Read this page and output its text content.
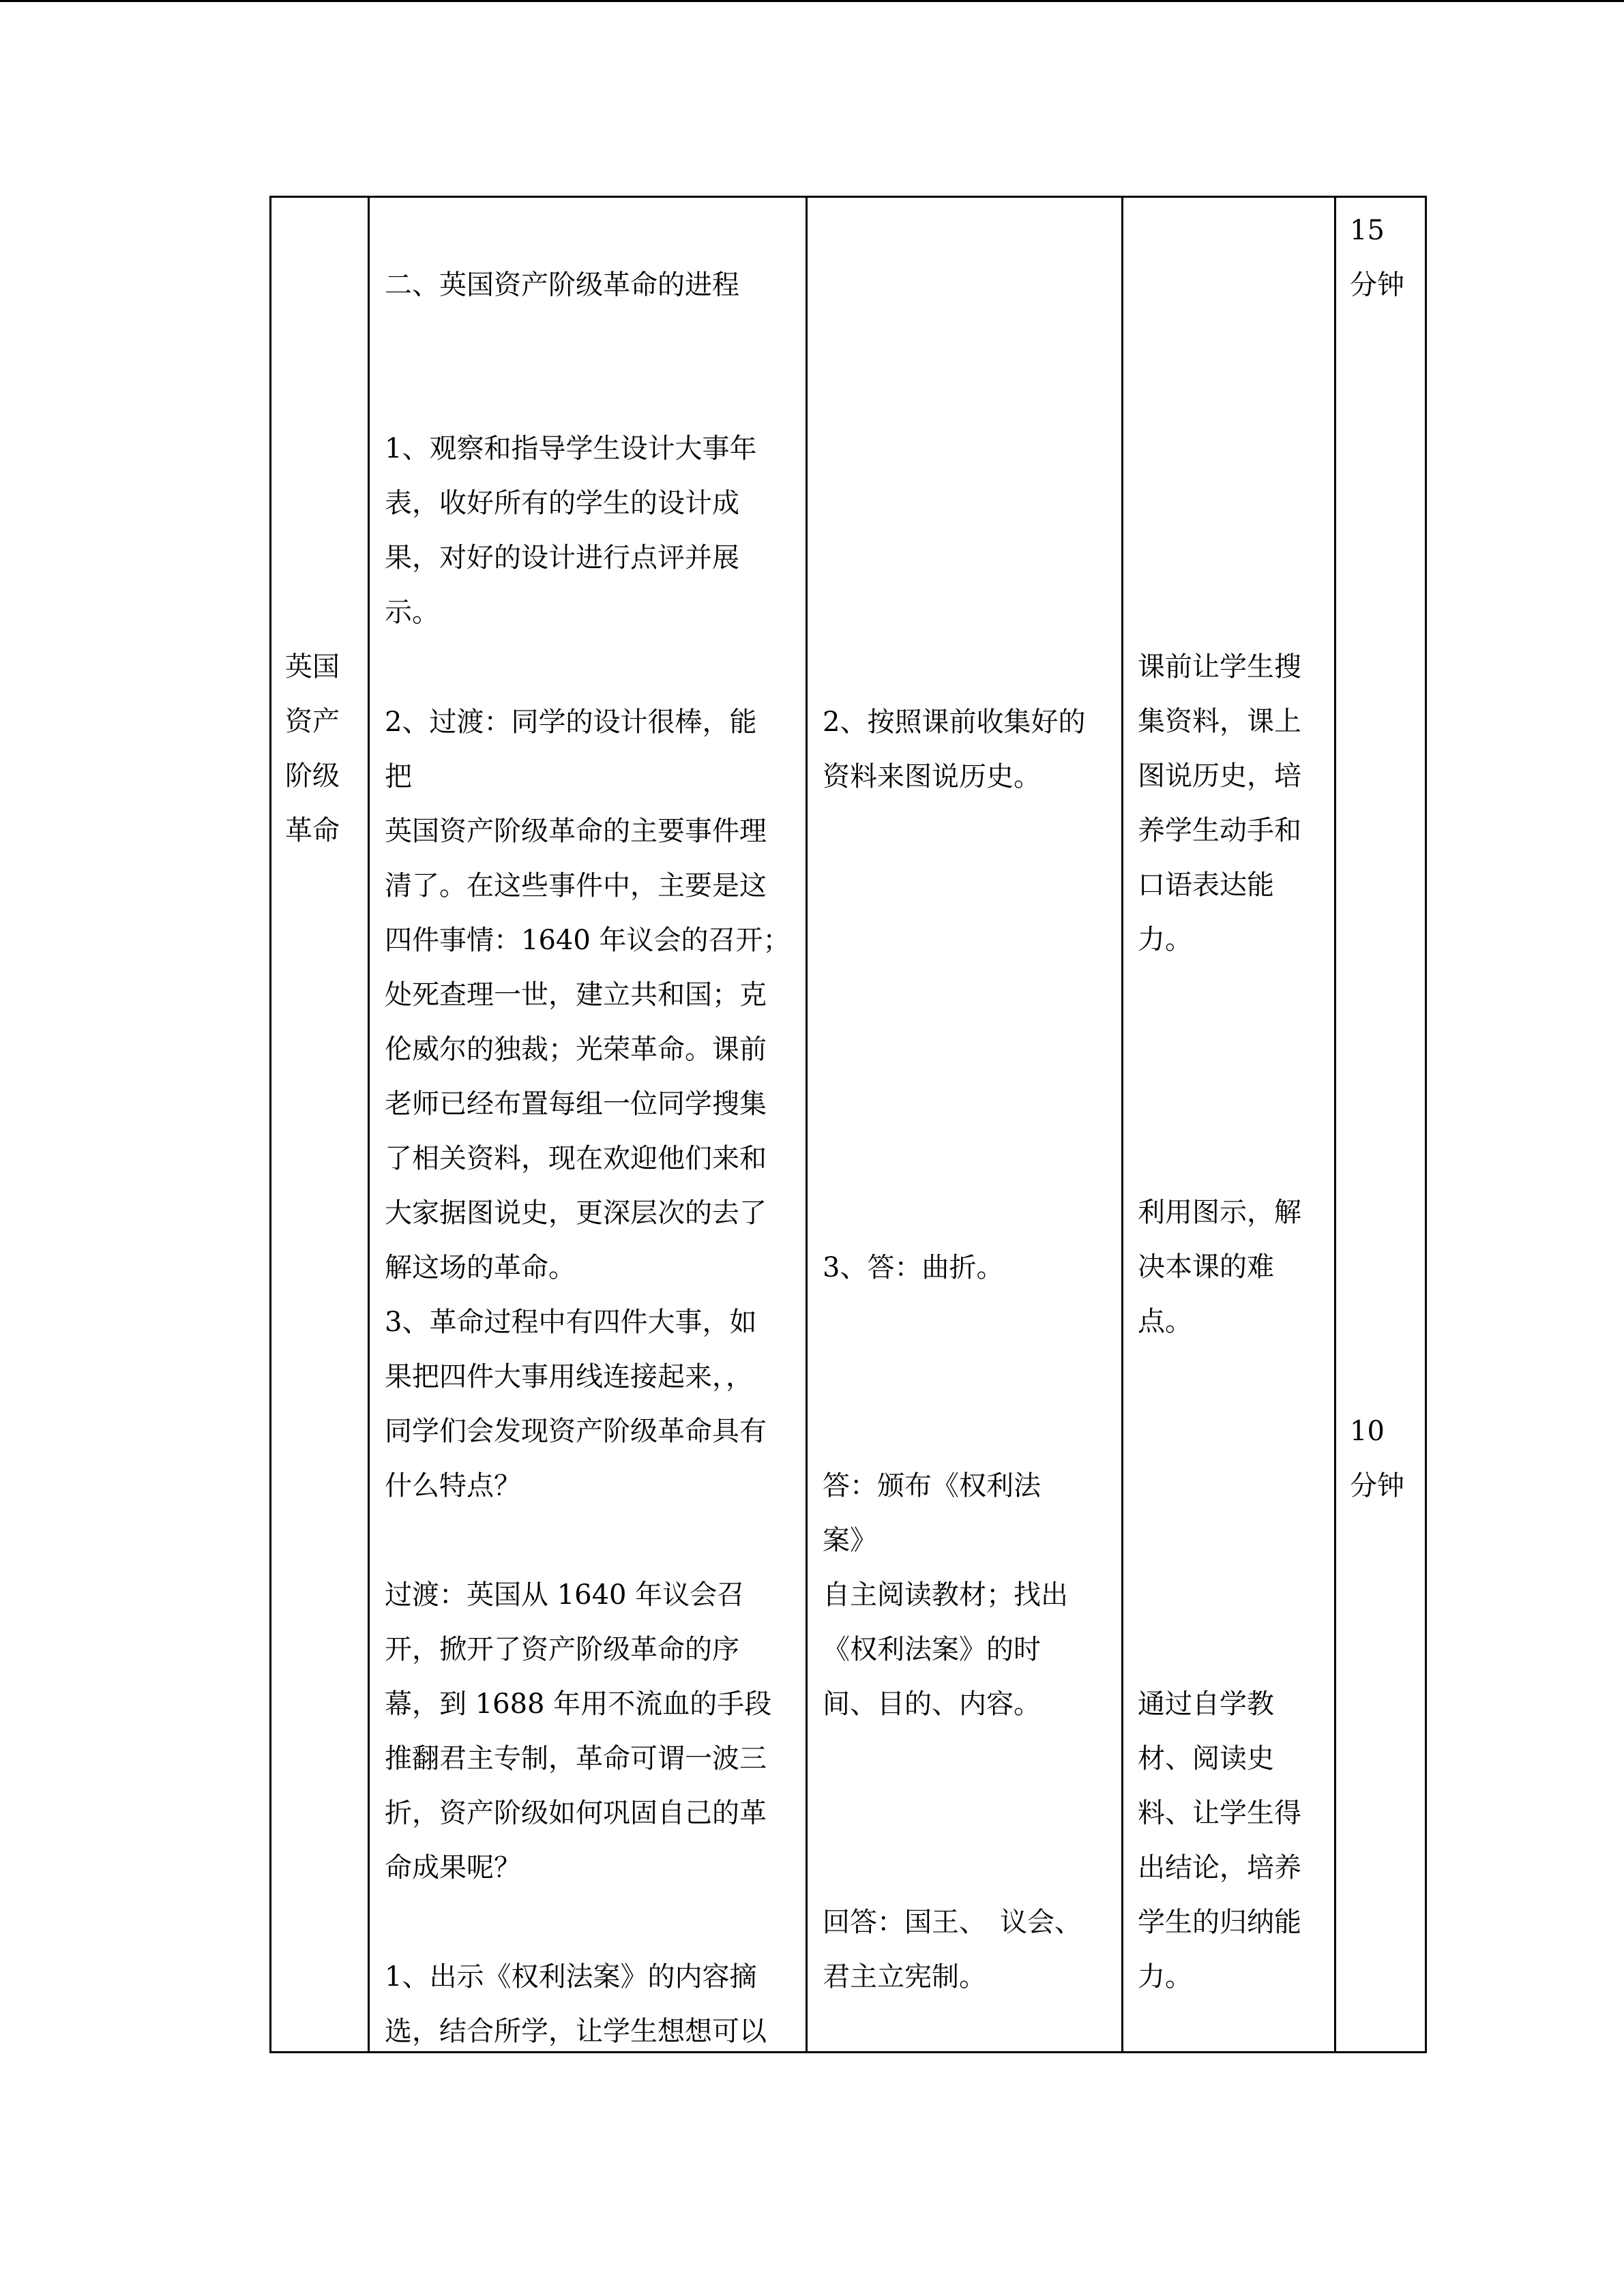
英国
资产
阶级
革命

二、英国资产阶级革命的进程

1、观察和指导学生设计大事年
表，收好所有的学生的设计成
果，对好的设计进行点评并展
示。
2、过渡：同学的设计很棒，能
把
英国资产阶级革命的主要事件理
清了。在这些事件中，主要是这
四件事情：1640 年议会的召开；
处死查理一世，建立共和国；克
伦威尔的独裁；光荣革命。课前
老师已经布置每组一位同学搜集
了相关资料，现在欢迎他们来和
大家据图说史，更深层次的去了
解这场的革命。
3、革命过程中有四件大事，如
果把四件大事用线连接起来，，
同学们会发现资产阶级革命具有
什么特点？
过渡：英国从 1640 年议会召
开，掀开了资产阶级革命的序
幕，到 1688 年用不流血的手段
推翻君主专制，革命可谓一波三
折，资产阶级如何巩固自己的革
命成果呢？
1、出示《权利法案》的内容摘
选，结合所学，让学生想想可以
2、按照课前收集好的
资料来图说历史。
3、答：曲折。
答：颁布《权利法
案》
自主阅读教材；找出
《权利法案》的时
间、目的、内容。
回答：国王、　议会、
君主立宪制。
课前让学生搜
集资料，课上
图说历史，培
养学生动手和
口语表达能
力。
利用图示，解
决本课的难
点。
通过自学教
材、阅读史
料、让学生得
出结论，培养
学生的归纳能
力。
15
分钟
10
分钟
